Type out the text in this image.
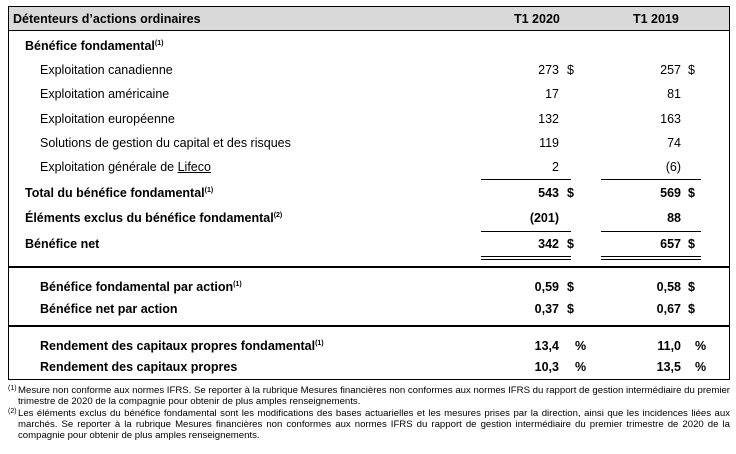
Détenteurs d’actions ordinaires	T1 2020	T1 2019
Bénéfice fondamental$^{(1)}$
Exploitation canadienne	273 $	257 $
Exploitation américaine	17	81
Exploitation européenne	132	163
Solutions de gestion du capital et des risques	119	74
Exploitation générale de Lifeco	2	(6)
Total du bénéfice fondamental$^{(1)}$	543 $	569 $
Éléments exclus du bénéfice fondamental$^{(2)}$	(201)	88
Bénéfice net	342 $	657 $
Bénéfice fondamental par action$^{(1)}$	0,59 $	0,58 $
Bénéfice net par action	0,37 $	0,67 $
Rendement des capitaux propres fondamental$^{(1)}$	13,4 %	11,0 %
Rendement des capitaux propres	10,3 %	13,5 %
(1) Mesure non conforme aux normes IFRS. Se reporter à la rubrique Mesures financières non conformes aux normes IFRS du rapport de gestion intermédiaire du premier trimestre de 2020 de la compagnie pour obtenir de plus amples renseignements.
(2) Les éléments exclus du bénéfice fondamental sont les modifications des bases actuarielles et les mesures prises par la direction, ainsi que les incidences liées aux marchés. Se reporter à la rubrique Mesures financières non conformes aux normes IFRS du rapport de gestion intermédiaire du premier trimestre de 2020 de la compagnie pour obtenir de plus amples renseignements.
